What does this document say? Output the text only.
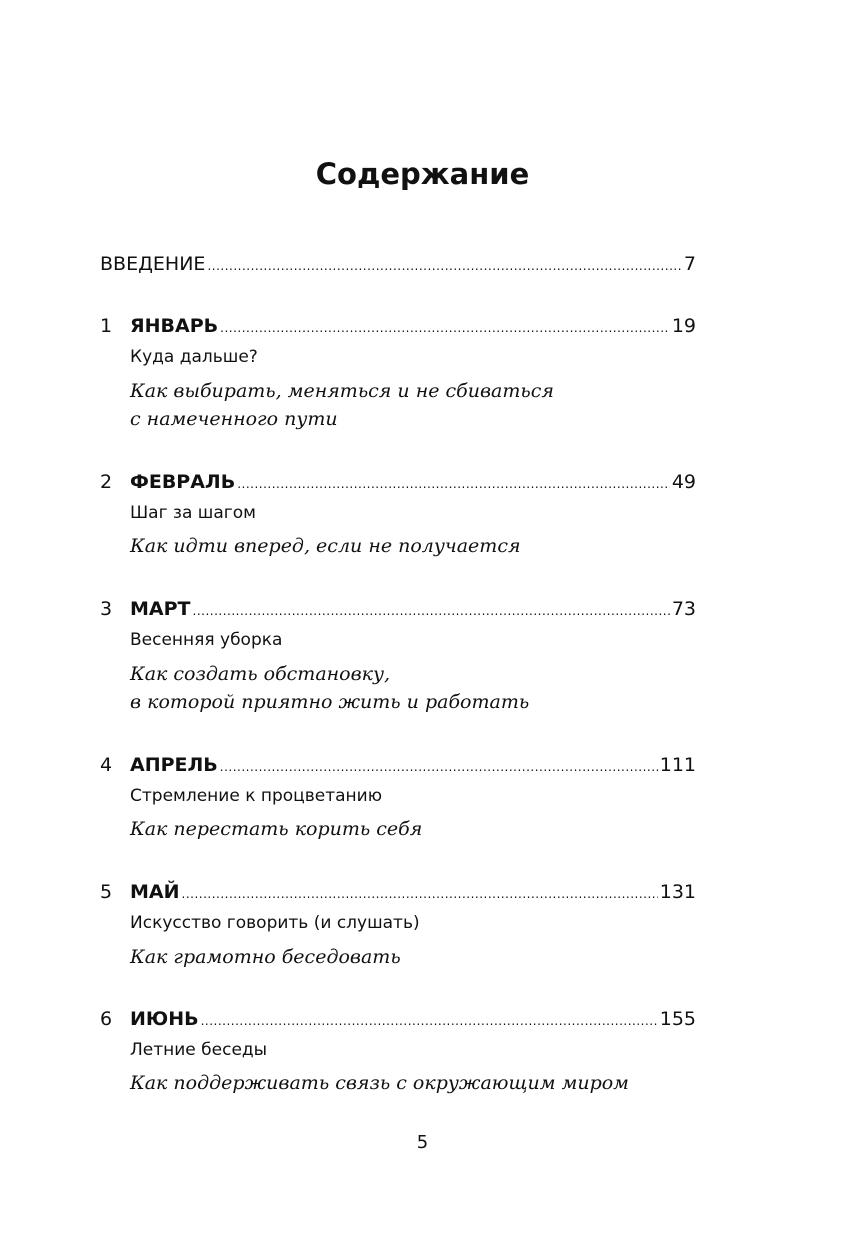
Содержание
ВВЕДЕНИЕ .....	7
1 ЯНВАРЬ .....	19
Куда дальше?
Как выбирать, меняться и не сбиваться
с намеченного пути
2 ФЕВРАЛЬ .....	49
Шаг за шагом
Как идти вперед, если не получается
3 МАРТ .....	73
Весенняя уборка
Как создать обстановку,
в которой приятно жить и работать
4 АПРЕЛЬ .....	111
Стремление к процветанию
Как перестать корить себя
5 МАЙ .....	131
Искусство говорить (и слушать)
Как грамотно беседовать
6 ИЮНЬ .....	155
Летние беседы
Как поддерживать связь с окружающим миром
5
